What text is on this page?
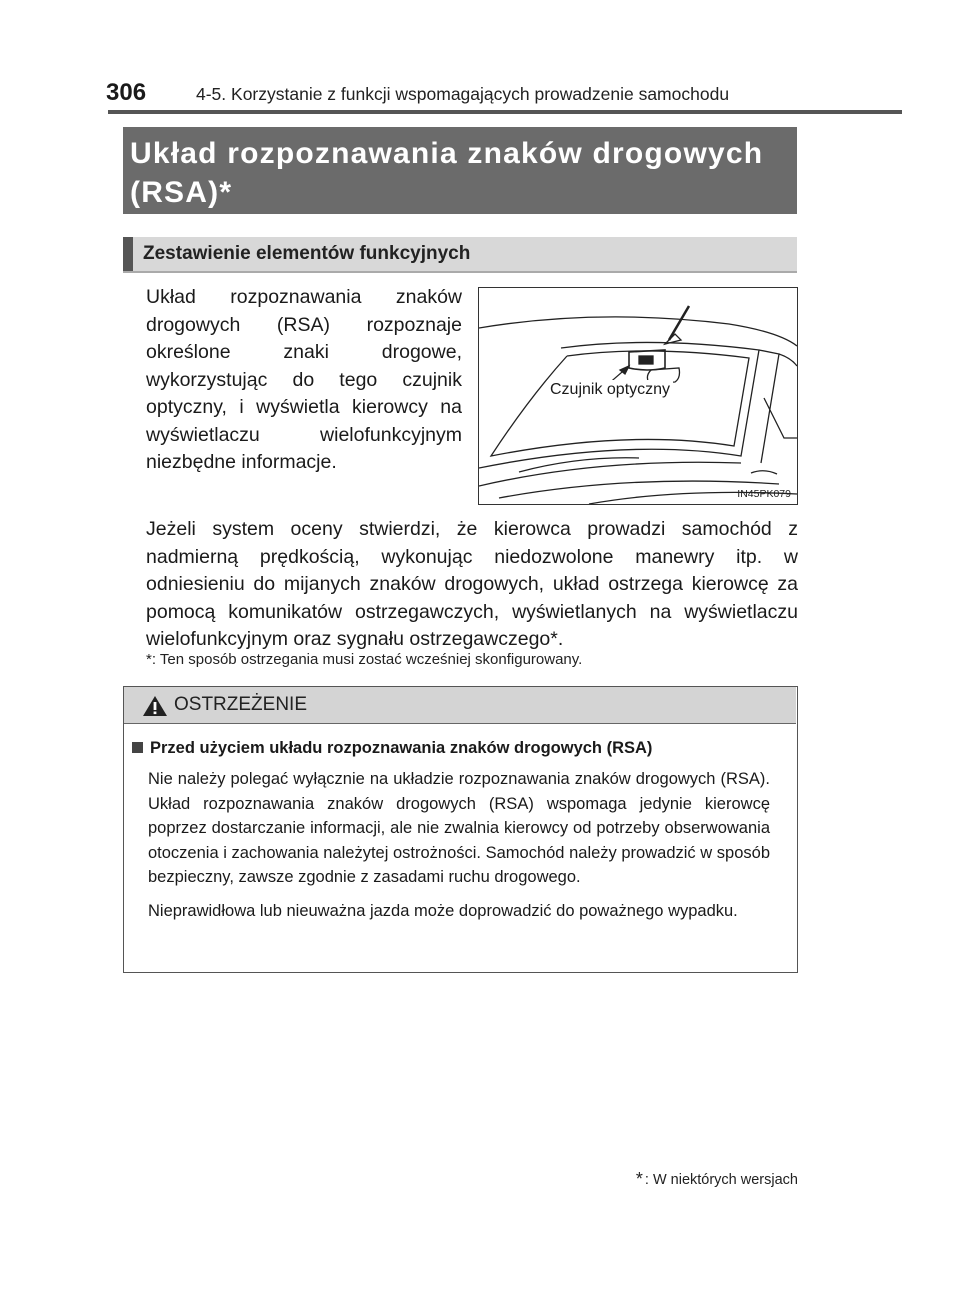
306	4-5. Korzystanie z funkcji wspomagających prowadzenie samochodu
Układ rozpoznawania znaków drogowych
(RSA)*
Zestawienie elementów funkcyjnych
Układ rozpoznawania znaków drogowych (RSA) rozpoznaje określone znaki drogowe, wykorzystując do tego czujnik optyczny, i wyświetla kierowcy na wyświetlaczu wielofunkcyjnym niezbędne informacje.
Czujnik optyczny
IN45PK079
Jeżeli system oceny stwierdzi, że kierowca prowadzi samochód z nadmierną prędkością, wykonując niedozwolone manewry itp. w odniesieniu do mijanych znaków drogowych, układ ostrzega kierowcę za pomocą komunikatów ostrzegawczych, wyświetlanych na wyświetlaczu wielofunkcyjnym oraz sygnału ostrzegawczego*.
*: Ten sposób ostrzegania musi zostać wcześniej skonfigurowany.
OSTRZEŻENIE
Przed użyciem układu rozpoznawania znaków drogowych (RSA)

Nie należy polegać wyłącznie na układzie rozpoznawania znaków drogowych (RSA). Układ rozpoznawania znaków drogowych (RSA) wspomaga jedynie kierowcę poprzez dostarczanie informacji, ale nie zwalnia kierowcy od potrzeby obserwowania otoczenia i zachowania należytej ostrożności. Samochód należy prowadzić w sposób bezpieczny, zawsze zgodnie z zasadami ruchu drogowego.

Nieprawidłowa lub nieuważna jazda może doprowadzić do poważnego wypadku.

* : W niektórych wersjach
